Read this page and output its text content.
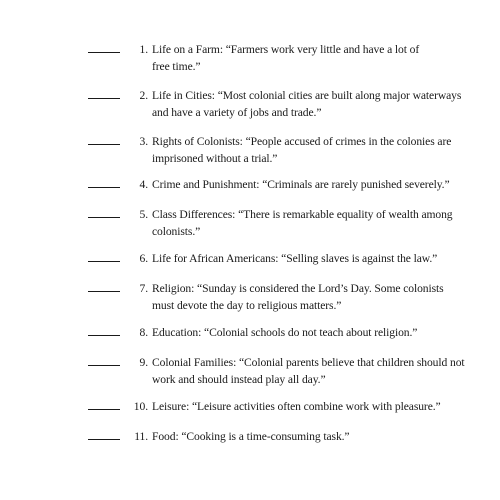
1. Life on a Farm: “Farmers work very little and have a lot of
free time.”
2. Life in Cities: “Most colonial cities are built along major waterways
and have a variety of jobs and trade.”
3. Rights of Colonists: “People accused of crimes in the colonies are
imprisoned without a trial.”
4. Crime and Punishment: “Criminals are rarely punished severely.”
5. Class Differences: “There is remarkable equality of wealth among
colonists.”
6. Life for African Americans: “Selling slaves is against the law.”
7. Religion: “Sunday is considered the Lord’s Day. Some colonists
must devote the day to religious matters.”
8. Education: “Colonial schools do not teach about religion.”
9. Colonial Families: “Colonial parents believe that children should not
work and should instead play all day.”
10. Leisure: “Leisure activities often combine work with pleasure.”
11. Food: “Cooking is a time-consuming task.”
